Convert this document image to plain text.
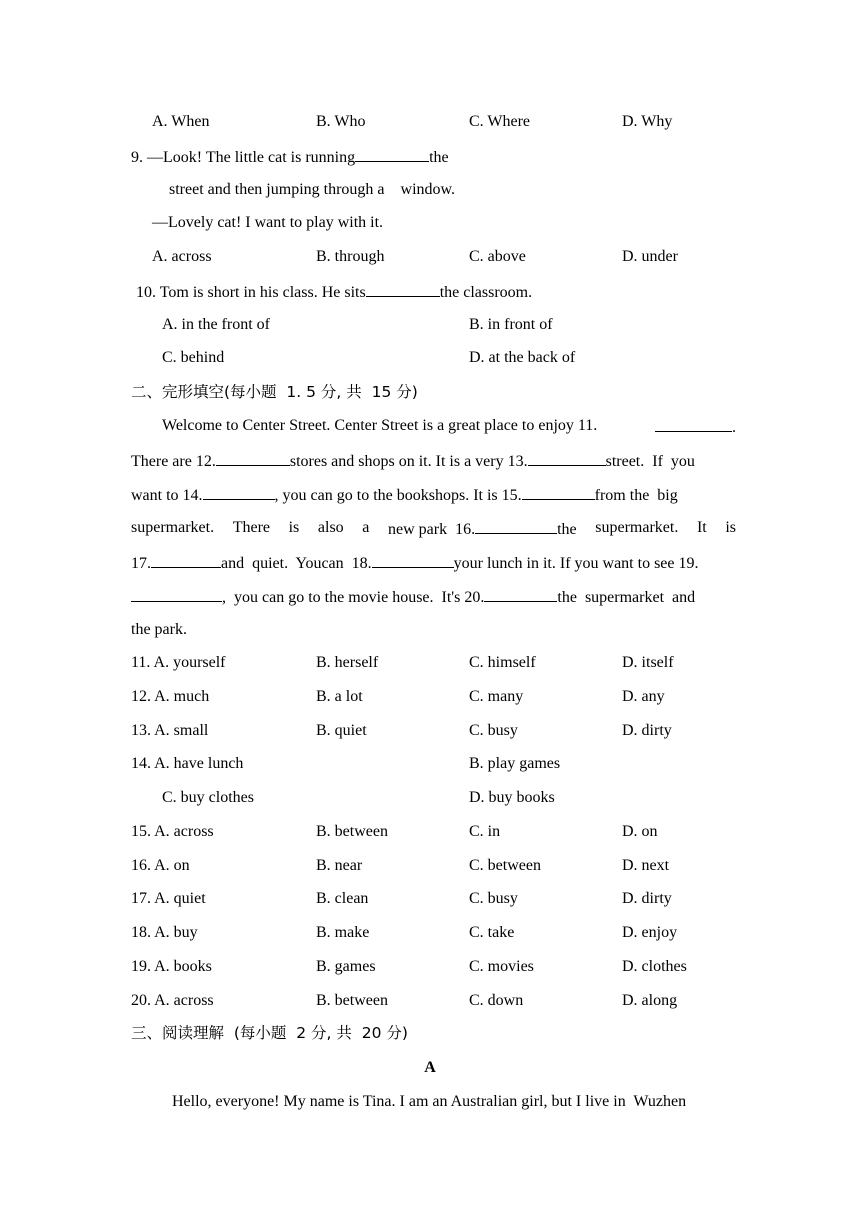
A. When	B. Who	C. Where	D. Why
9. —Look! The little cat is running	the
street and then jumping through a    window.
—Lovely cat! I want to play with it.
A. across	B. through	C. above	D. under
10. Tom is short in his class. He sits	the classroom.
A. in the front of	B. in front of
C. behind	D. at the back of
二、完形填空(每小题  1. 5 分, 共  15 分)
Welcome to Center Street. Center Street is a great place to enjoy 11.	.
There are 12.	stores and shops on it. It is a very 13.	street.  If  you
want to 14.	, you can go to the bookshops. It is 15.	from the  big
supermarket. There is also a new park  16.	the supermarket. It is
17.	and  quiet.  Youcan  18.	your lunch in it. If you want to see 19.
,  you can go to the movie house.  It's 20.	the  supermarket  and
the park.
11. A. yourself	B. herself	C. himself	D. itself
12. A. much	B. a lot	C. many	D. any
13. A. small	B. quiet	C. busy	D. dirty
14. A. have lunch	B. play games
C. buy clothes	D. buy books
15. A. across	B. between	C. in	D. on
16. A. on	B. near	C. between	D. next
17. A. quiet	B. clean	C. busy	D. dirty
18. A. buy	B. make	C. take	D. enjoy
19. A. books	B. games	C. movies	D. clothes
20. A. across	B. between	C. down	D. along
三、阅读理解  (每小题  2 分, 共  20 分)
A
Hello, everyone! My name is Tina. I am an Australian girl, but I live in  Wuzhen
